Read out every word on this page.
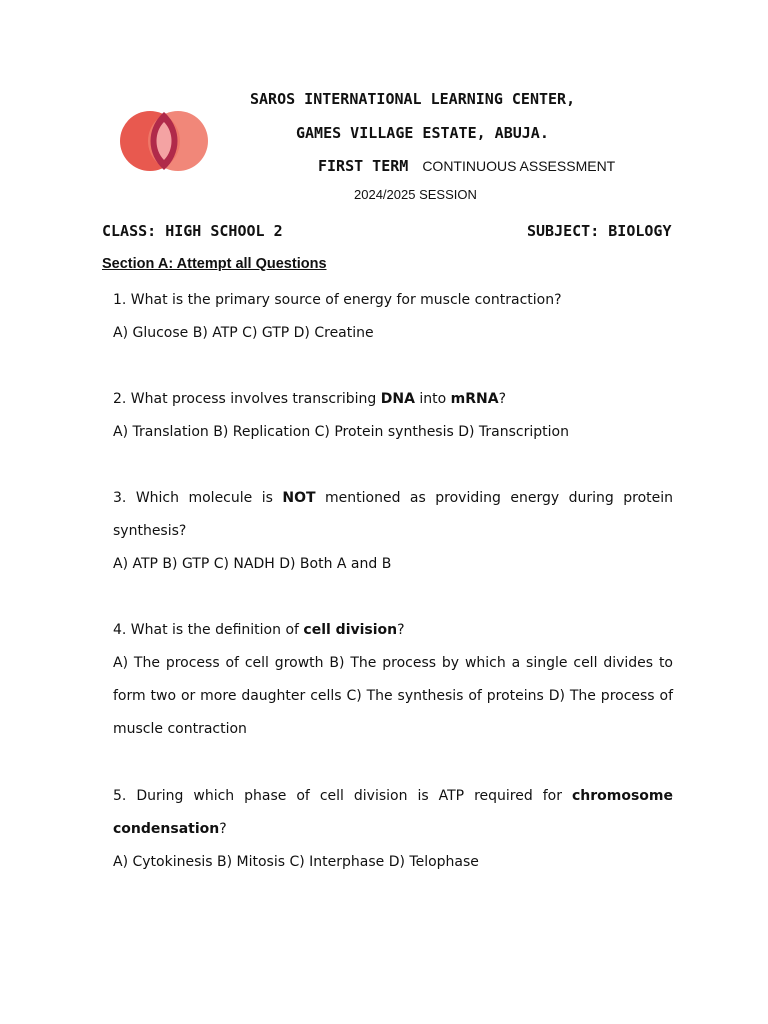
SAROS INTERNATIONAL LEARNING CENTER,
GAMES VILLAGE ESTATE, ABUJA.
FIRST TERM CONTINUOUS ASSESSMENT
2024/2025 SESSION
CLASS: HIGH SCHOOL 2	SUBJECT: BIOLOGY
Section A: Attempt all Questions

1. What is the primary source of energy for muscle contraction?

A) Glucose B) ATP C) GTP D) Creatine

2. What process involves transcribing DNA into mRNA?

A) Translation B) Replication C) Protein synthesis D) Transcription

3. Which molecule is NOT mentioned as providing energy during protein synthesis?

A) ATP B) GTP C) NADH D) Both A and B

4. What is the definition of cell division?

A) The process of cell growth B) The process by which a single cell divides to form two or more daughter cells C) The synthesis of proteins D) The process of muscle contraction

5. During which phase of cell division is ATP required for chromosome condensation?

A) Cytokinesis B) Mitosis C) Interphase D) Telophase
